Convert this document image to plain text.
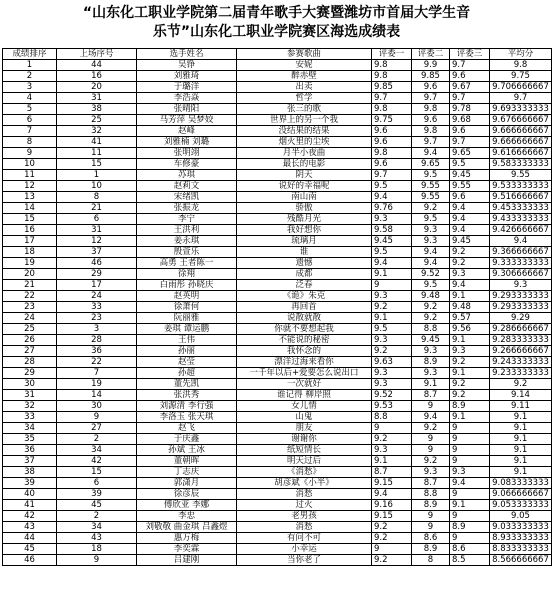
“山东化工职业学院第二届青年歌手大赛暨潍坊市首届大学生音
乐节”山东化工职业学院赛区海选成绩表
成绩排序	上场序号	选手姓名	参赛歌曲	评委一	评委二	评委三	平均分
1	44	吴铮	安妮	9.8	9.9	9.7	9.8
2	16	刘雅琦	醉赤壁	9.8	9.85	9.6	9.75
3	20	于璐洋	出卖	9.85	9.6	9.67	9.706666667
4	31	李浩焱	哲学	9.7	9.7	9.7	9.7
5	38	张晴阳	张三的歌	9.8	9.8	9.78	9.693333333
6	25	马芳萍 吴梦姣	世界上的另一个我	9.75	9.6	9.68	9.676666667
7	32	赵峰	没结果的结果	9.6	9.8	9.6	9.666666667
8	41	刘雅楠 刘璐	烟火里的尘埃	9.6	9.7	9.7	9.666666667
9	11	张明翊	月半小夜曲	9.8	9.4	9.65	9.616666667
10	15	车修豪	最长的电影	9.6	9.65	9.5	9.583333333
11	1	苏琪	阴天	9.7	9.5	9.45	9.55
12	10	赵莉文	说好的幸福呢	9.5	9.55	9.55	9.533333333
13	8	宋绪凯	南山南	9.4	9.55	9.6	9.516666667
14	21	张振龙	骄傲	9.76	9.2	9.4	9.453333333
15	6	李宁	残酷月光	9.3	9.5	9.4	9.433333333
16	31	王洪利	我好想你	9.58	9.3	9.4	9.426666667
17	12	姜永琪	琉璃月	9.45	9.3	9.45	9.4
18	37	殷萱乐	谁	9.5	9.4	9.2	9.366666667
19	46	高勇 王者陈一	遗憾	9.4	9.4	9.2	9.333333333
20	29	徐翔	成都	9.1	9.52	9.3	9.306666667
21	17	白雨彤 孙晓庆	泛春	9	9.5	9.4	9.3
22	24	赵英明	《诡》朱克	9.3	9.48	9.1	9.293333333
23	33	徐萧何	再回首	9.2	9.2	9.48	9.293333333
24	23	阮丽雅	说散就散	9.1	9.2	9.57	9.29
25	3	姜琪 谭运鹏	你就不要想起我	9.5	8.8	9.56	9.286666667
26	28	王伟	不能说的秘密	9.3	9.45	9.1	9.283333333
27	36	孙丽	我怀念的	9.2	9.3	9.3	9.266666667
28	22	赵莹	漂洋过海来看你	9.63	8.9	9.2	9.243333333
29	7	孙超	一千年以后+爱要怎么说出口	9.3	9.3	9.1	9.233333333
30	19	董先凯	一次就好	9.3	9.1	9.2	9.2
31	14	张洪秀	谁记得 柳岸照	9.52	8.7	9.2	9.14
32	30	刘源清 李行强	女儿情	9.53	9	8.9	9.11
33	9	李洛玉 张天琪	山鬼	8.8	9.4	9.1	9.1
34	27	赵飞	朋友	9	9.2	9	9.1
35	2	于庆鑫	谢谢你	9.2	9	9	9.1
36	34	孙斌 王冰	纸短情长	9.3	9	9	9.1
37	42	董朝晖	明天过后	9.1	9.2	9	9.1
38	15	丁志庆	《消愁》	8.7	9.3	9.3	9.1
39	6	郭潇月	胡彦斌《小半》	9.15	8.7	9.4	9.083333333
40	39	徐彦辰	消愁	9.4	8.8	9	9.066666667
41	45	傅欣亚 李娜	过火	9.16	8.9	9.1	9.053333333
42	2	李忠	老男孩	9.15	9	9	9.05
43	34	刘敬敬 曲金琪 吕鑫煜	消愁	9.2	9	8.9	9.033333333
44	43	惠万梅	有问不可	9.2	8.6	9	8.933333333
45	18	李奕霖	小幸运	9	8.9	8.6	8.833333333
46	9	吕建刚	当你老了	9.2	8	8.5	8.566666667
